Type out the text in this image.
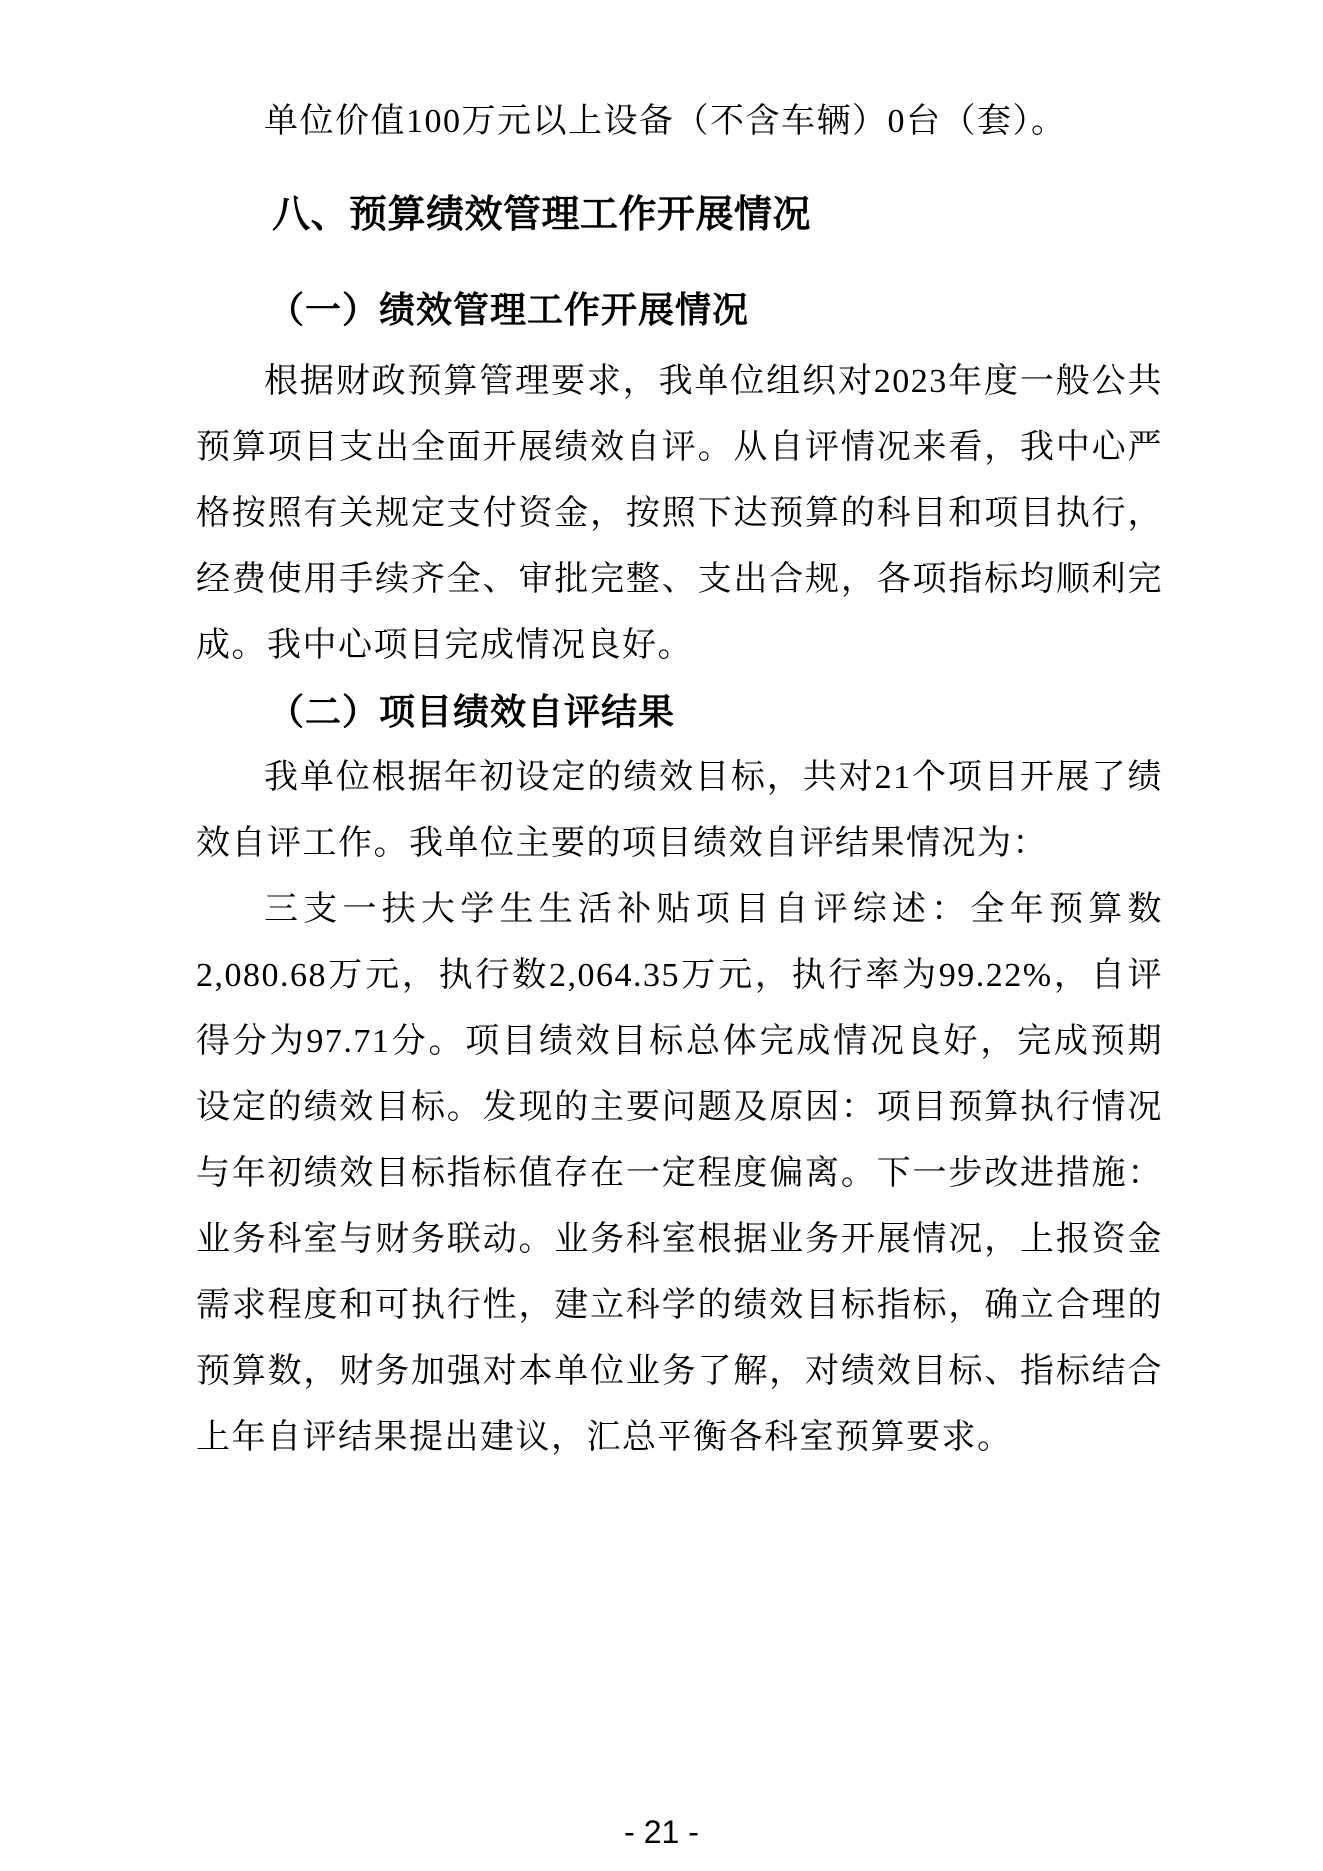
单位价值100万元以上设备（不含车辆）0台（套）。

八、预算绩效管理工作开展情况
（一）绩效管理工作开展情况

根据财政预算管理要求，我单位组织对2023年度一般公共预算项目支出全面开展绩效自评。从自评情况来看，我中心严格按照有关规定支付资金，按照下达预算的科目和项目执行，经费使用手续齐全、审批完整、支出合规，各项指标均顺利完成。我中心项目完成情况良好。

（二）项目绩效自评结果

我单位根据年初设定的绩效目标，共对21个项目开展了绩效自评工作。我单位主要的项目绩效自评结果情况为：

三支一扶大学生生活补贴项目自评综述：全年预算数2,080.68万元，执行数2,064.35万元，执行率为99.22%，自评得分为97.71分。项目绩效目标总体完成情况良好，完成预期设定的绩效目标。发现的主要问题及原因：项目预算执行情况与年初绩效目标指标值存在一定程度偏离。下一步改进措施：业务科室与财务联动。业务科室根据业务开展情况，上报资金需求程度和可执行性，建立科学的绩效目标指标，确立合理的预算数，财务加强对本单位业务了解，对绩效目标、指标结合上年自评结果提出建议，汇总平衡各科室预算要求。

- 21 -
